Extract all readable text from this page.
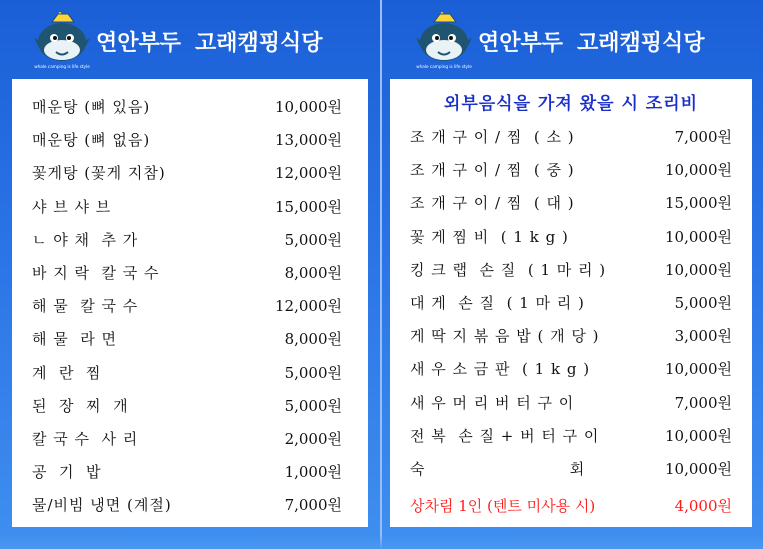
whale camping is life style
연안부두 고래캠핑식당
매운탕 (뼈 있음)	10,000원
매운탕 (뼈 없음)	13,000원
꽃게탕 (꽃게 지참)	12,000원
샤 브 샤 브	15,000원
ㄴ 야 채  추 가	5,000원
바 지 락  칼 국 수	8,000원
해 물  칼 국 수	12,000원
해 물  라 면	8,000원
계  란  찜	5,000원
된  장  찌  개	5,000원
칼 국 수  사 리	2,000원
공  기  밥	1,000원
물/비빔 냉면 (계절)	7,000원
whale camping is life style
연안부두 고래캠핑식당
외부음식을 가져 왔을 시 조리비
조 개 구 이 / 찜  ( 소 )	7,000원
조 개 구 이 / 찜  ( 중 )	10,000원
조 개 구 이 / 찜  ( 대 )	15,000원
꽃 게 찜 비  ( 1 k g )	10,000원
킹 크 랩  손 질  ( 1 마 리 )	10,000원
대 게  손 질  ( 1 마 리 )	5,000원
게 딱 지 볶 음 밥 ( 개 당 )	3,000원
새 우 소 금 판  ( 1 k g )	10,000원
새 우 머 리 버 터 구 이	7,000원
전 복  손 질 + 버 터 구 이	10,000원
숙                         회	10,000원
상차림 1인 (텐트 미사용 시)	4,000원
